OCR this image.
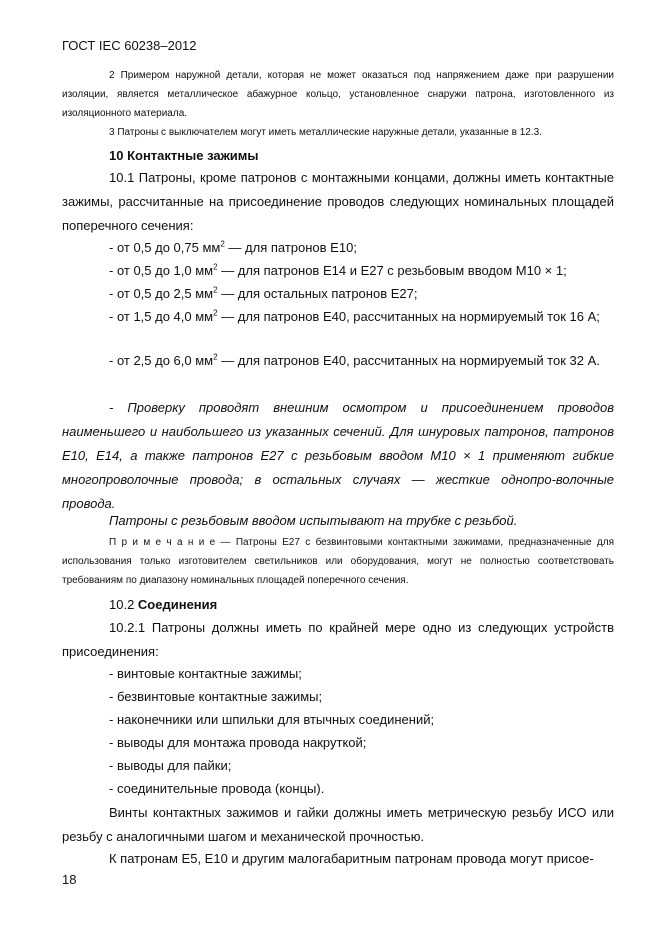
ГОСТ IEC 60238–2012

2 Примером наружной детали, которая не может оказаться под напряжением даже при разрушении изоляции, является металлическое абажурное кольцо, установленное снаружи патрона, изготовленного из изоляционного материала.

3 Патроны с выключателем могут иметь металлические наружные детали, указанные в 12.3.

10 Контактные зажимы

10.1 Патроны, кроме патронов с монтажными концами, должны иметь контактные зажимы, рассчитанные на присоединение проводов следующих номинальных площадей поперечного сечения:

- от 0,5 до 0,75 $мм^2$ — для патронов Е10;

- от 0,5 до 1,0 $мм^2$ — для патронов Е14 и Е27 с резьбовым вводом М10 × 1;

- от 0,5 до 2,5 $мм^2$ — для остальных патронов Е27;

- от 1,5 до 4,0 $мм^2$ — для патронов Е40, рассчитанных на нормируемый ток 16 А;

- от 2,5 до 6,0 $мм^2$ — для патронов Е40, рассчитанных на нормируемый ток 32 А.

- Проверку проводят внешним осмотром и присоединением проводов наименьшего и наибольшего из указанных сечений. Для шнуровых патронов, патронов Е10, Е14, а также патронов Е27 с резьбовым вводом М10 × 1 применяют гибкие многопроволочные провода; в остальных случаях — жесткие однопро-волочные провода.

Патроны с резьбовым вводом испытывают на трубке с резьбой.

П р и м е ч а н и е — Патроны Е27 с безвинтовыми контактными зажимами, предназначенные для использования только изготовителем светильников или оборудования, могут не полностью соответствовать требованиям по диапазону номинальных площадей поперечного сечения.

10.2 Соединения

10.2.1 Патроны должны иметь по крайней мере одно из следующих устройств присоединения:

- винтовые контактные зажимы;

- безвинтовые контактные зажимы;

- наконечники или шпильки для втычных соединений;

- выводы для монтажа провода накруткой;

- выводы для пайки;

- соединительные провода (концы).

Винты контактных зажимов и гайки должны иметь метрическую резьбу ИСО или резьбу с аналогичными шагом и механической прочностью.

К патронам Е5, Е10 и другим малогабаритным патронам провода могут присое-

18
